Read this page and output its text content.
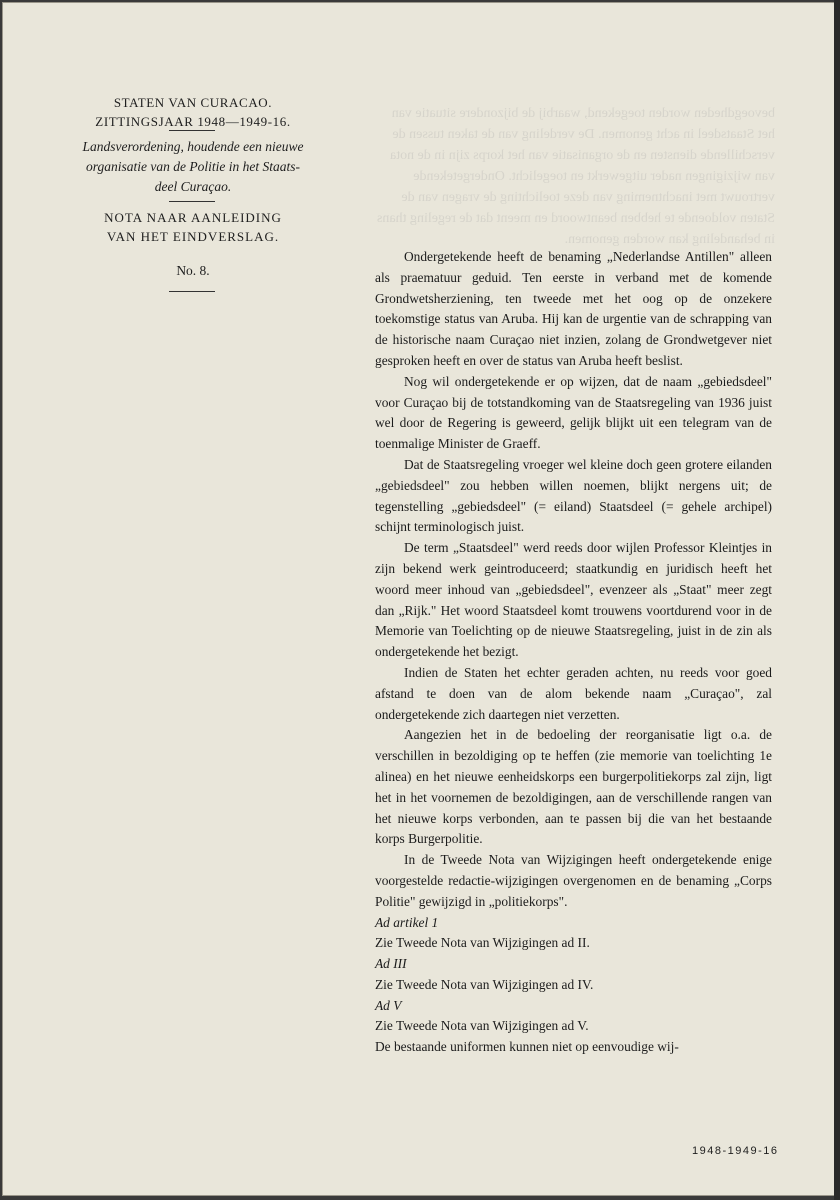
bevoegdheden worden toegekend, waarbij de bijzondere situatie van het Staatsdeel in acht genomen. De verdeling van de taken tussen de verschillende diensten en de organisatie van het korps zijn in de nota van wijzigingen nader uitgewerkt en toegelicht. Ondergetekende vertrouwt met inachtneming van deze toelichting de vragen van de Staten voldoende te hebben beantwoord en meent dat de regeling thans in behandeling kan worden genomen.
STATEN VAN CURACAO.
ZITTINGSJAAR 1948—1949-16.
Landsverordening, houdende een nieuwe
organisatie van de Politie in het Staats-
deel Curaçao.
NOTA NAAR AANLEIDING
VAN HET EINDVERSLAG.
No. 8.

Ondergetekende heeft de benaming „Nederlandse Antillen" alleen als praematuur geduid. Ten eerste in verband met de komende Grondwetsherziening, ten tweede met het oog op de onzekere toekomstige status van Aruba. Hij kan de urgentie van de schrapping van de historische naam Curaçao niet inzien, zolang de Grondwetgever niet gesproken heeft en over de status van Aruba heeft beslist.

Nog wil ondergetekende er op wijzen, dat de naam „gebiedsdeel" voor Curaçao bij de totstandkoming van de Staatsregeling van 1936 juist wel door de Regering is geweerd, gelijk blijkt uit een telegram van de toenmalige Minister de Graeff.

Dat de Staatsregeling vroeger wel kleine doch geen grotere eilanden „gebiedsdeel" zou hebben willen noemen, blijkt nergens uit; de tegenstelling „gebiedsdeel" (= eiland) Staatsdeel (= gehele archipel) schijnt terminologisch juist.

De term „Staatsdeel" werd reeds door wijlen Professor Kleintjes in zijn bekend werk geintroduceerd; staatkundig en juridisch heeft het woord meer inhoud van „gebiedsdeel", evenzeer als „Staat" meer zegt dan „Rijk." Het woord Staatsdeel komt trouwens voortdurend voor in de Memorie van Toelichting op de nieuwe Staatsregeling, juist in de zin als ondergetekende het bezigt.

Indien de Staten het echter geraden achten, nu reeds voor goed afstand te doen van de alom bekende naam „Curaçao", zal ondergetekende zich daartegen niet verzetten.

Aangezien het in de bedoeling der reorganisatie ligt o.a. de verschillen in bezoldiging op te heffen (zie memorie van toelichting 1e alinea) en het nieuwe eenheidskorps een burgerpolitiekorps zal zijn, ligt het in het voornemen de bezoldigingen, aan de verschillende rangen van het nieuwe korps verbonden, aan te passen bij die van het bestaande korps Burgerpolitie.

In de Tweede Nota van Wijzigingen heeft ondergetekende enige voorgestelde redactie-wijzigingen overgenomen en de benaming „Corps Politie" gewijzigd in „politiekorps".

Ad artikel 1

Zie Tweede Nota van Wijzigingen ad II.

Ad III

Zie Tweede Nota van Wijzigingen ad IV.

Ad V

Zie Tweede Nota van Wijzigingen ad V.

De bestaande uniformen kunnen niet op eenvoudige wij-

1948-1949-16
